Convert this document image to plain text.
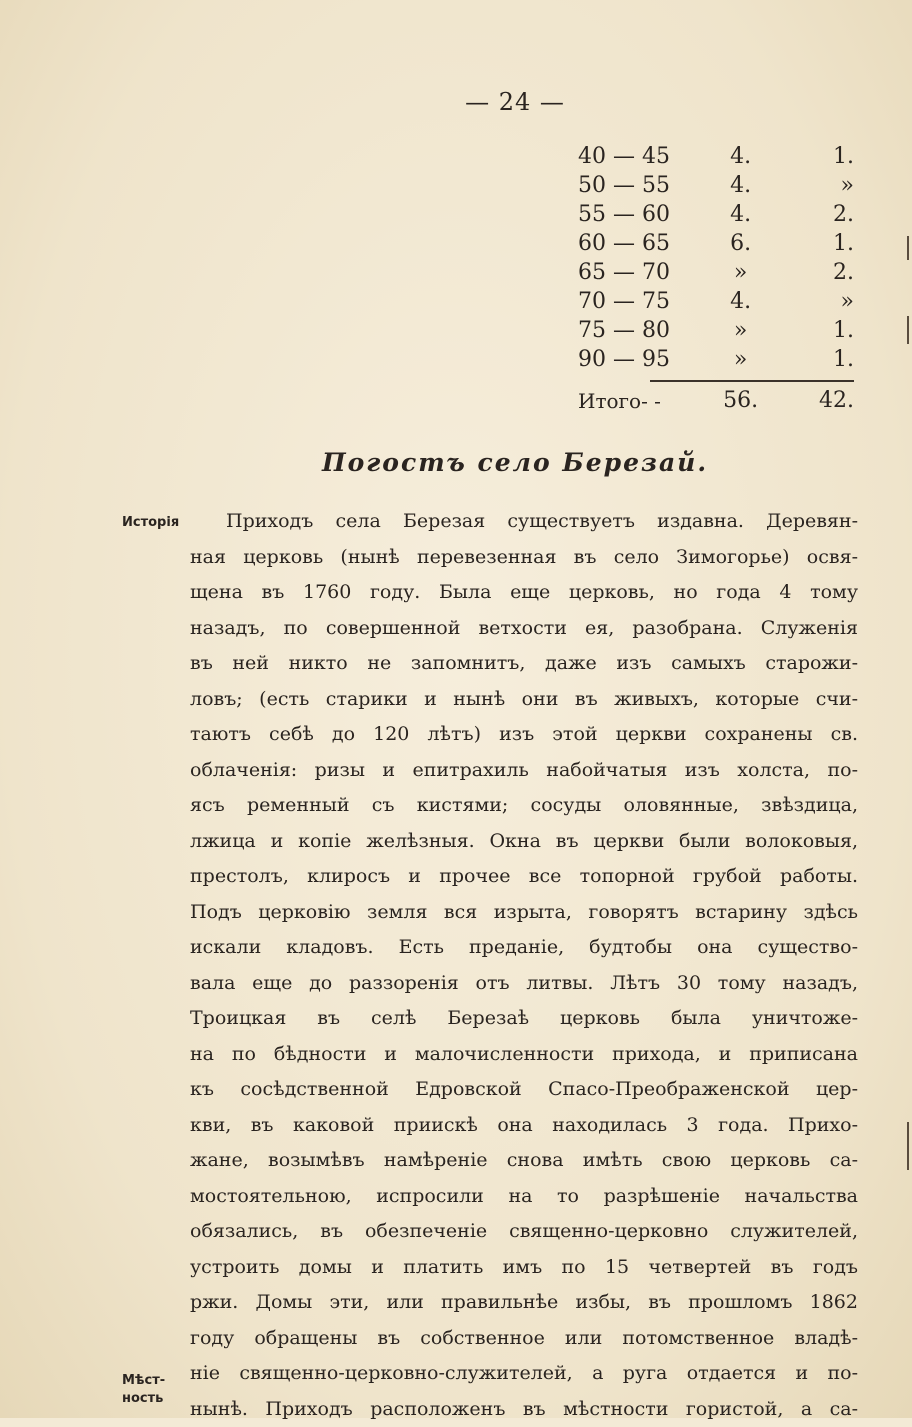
— 24 —
40 — 45	4.	1.
50 — 55	4.	»
55 — 60	4.	2.
60 — 65	6.	1.
65 — 70	»	2.
70 — 75	4.	»
75 — 80	»	1.
90 — 95	»	1.
Итого- -	56.	42.
Погостъ село Березай.
Исторія
Мѣст-
ность
Приходъ села Березая существуетъ издавна. Деревян-
ная церковь (нынѣ перевезенная въ село Зимогорье) освя-
щена въ 1760 году. Была еще церковь, но года 4 тому
назадъ, по совершенной ветхости ея, разобрана. Служенія
въ ней никто не запомнитъ, даже изъ самыхъ старожи-
ловъ; (есть старики и нынѣ они въ живыхъ, которые счи-
таютъ себѣ до 120 лѣтъ) изъ этой церкви сохранены св.
облаченія: ризы и епитрахиль набойчатыя изъ холста, по-
ясъ ременный съ кистями; сосуды оловянные, звѣздица,
лжица и копіе желѣзныя. Окна въ церкви были волоковыя,
престолъ, клиросъ и прочее все топорной грубой работы.
Подъ церковію земля вся изрыта, говорятъ встарину здѣсь
искали кладовъ. Есть преданіе, будтобы она существо-
вала еще до раззоренія отъ литвы. Лѣтъ 30 тому назадъ,
Троицкая въ селѣ Березаѣ церковь была уничтоже-
на по бѣдности и малочисленности прихода, и приписана
къ сосѣдственной Едровской Спасо-Преображенской цер-
кви, въ каковой приискѣ она находилась 3 года. Прихо-
жане, возымѣвъ намѣреніе снова имѣть свою церковь са-
мостоятельною, испросили на то разрѣшеніе начальства
обязались, въ обезпеченіе священно-церковно служителей,
устроить домы и платить имъ по 15 четвертей въ годъ
ржи. Домы эти, или правильнѣе избы, въ прошломъ 1862
году обращены въ собственное или потомственное владѣ-
ніе священно-церковно-служителей, а руга отдается и по-
нынѣ. Приходъ расположенъ въ мѣстности гористой, а са-
